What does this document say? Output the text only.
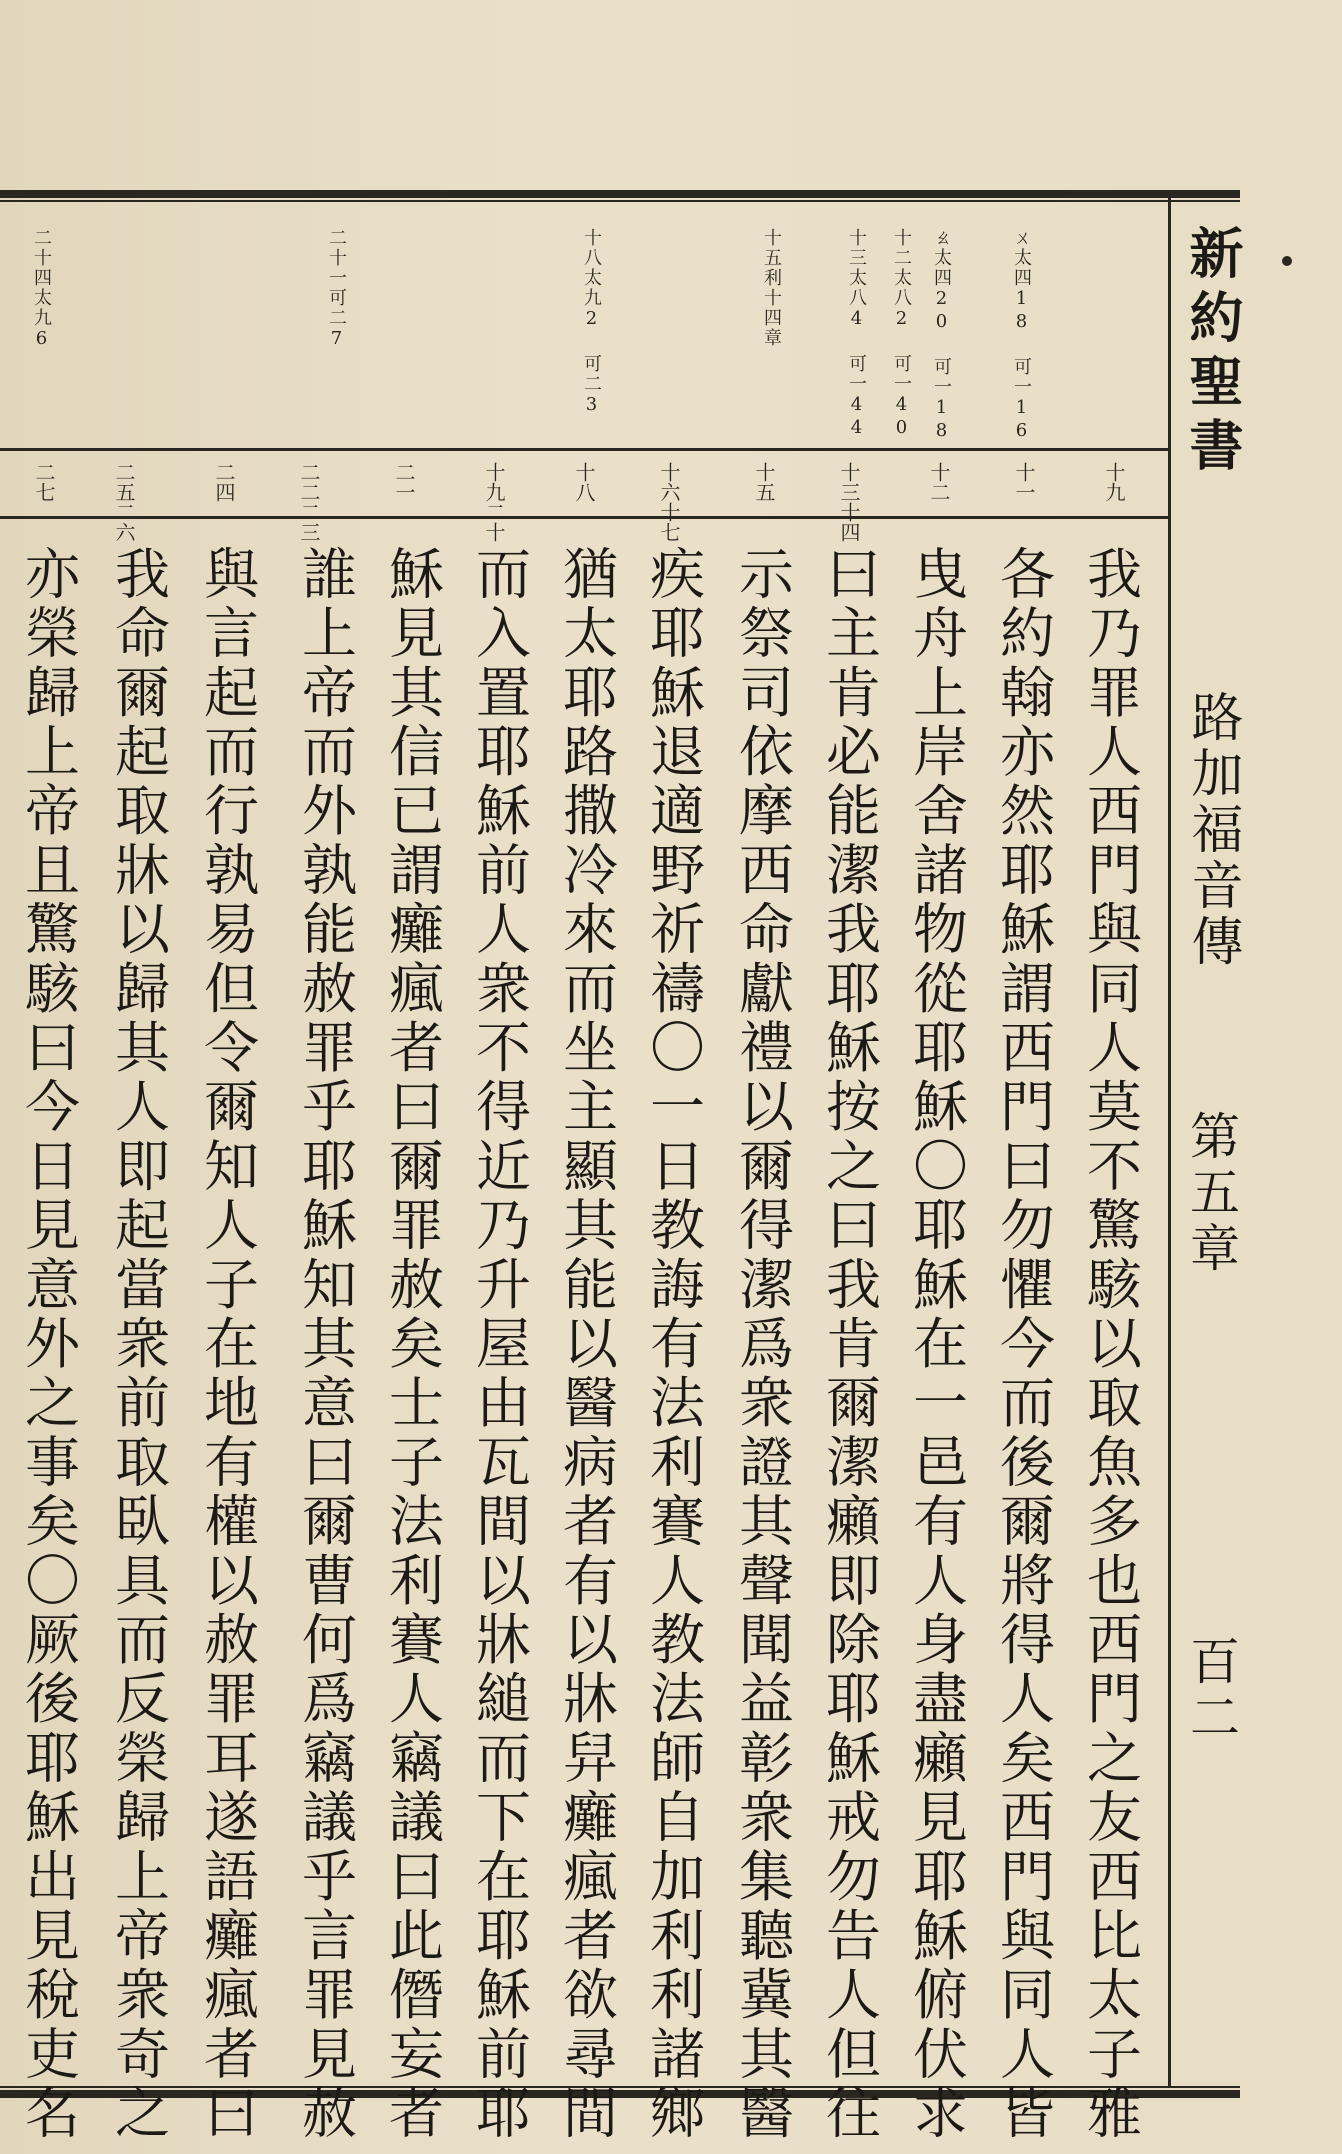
新約聖書
路加福音傳
第五章
百二
ㄨ太四18 可一16
ㄠ太四20 可一18
十二太八2 可一40
十三太八4 可一44
十五利十四章
十八太九2 可二3
二十一可二7
二十四太九6
十九
十一
十二
十三十四
十五
十六十七
十八
十九二十
二一
二二二三
二四
二五二六
二七
我乃罪人西門與同人莫不驚駭以取魚多也西門之友西比太子雅
各約翰亦然耶穌謂西門曰勿懼今而後爾將得人矣西門與同人皆
曳舟上岸舍諸物從耶穌〇耶穌在一邑有人身盡癩見耶穌俯伏求
曰主肯必能潔我耶穌按之曰我肯爾潔癩即除耶穌戒勿告人但往
示祭司依摩西命獻禮以爾得潔爲衆證其聲聞益彰衆集聽冀其醫
疾耶穌退適野祈禱〇一日教誨有法利賽人教法師自加利利諸鄉
猶太耶路撒冷來而坐主顯其能以醫病者有以牀舁癱瘋者欲尋間
而入置耶穌前人衆不得近乃升屋由瓦間以牀縋而下在耶穌前耶
穌見其信已謂癱瘋者曰爾罪赦矣士子法利賽人竊議曰此僭妄者
誰上帝而外孰能赦罪乎耶穌知其意曰爾曹何爲竊議乎言罪見赦
與言起而行孰易但令爾知人子在地有權以赦罪耳遂語癱瘋者曰
我命爾起取牀以歸其人即起當衆前取臥具而反榮歸上帝衆奇之
亦榮歸上帝且驚駭曰今日見意外之事矣〇厥後耶穌出見稅吏名
